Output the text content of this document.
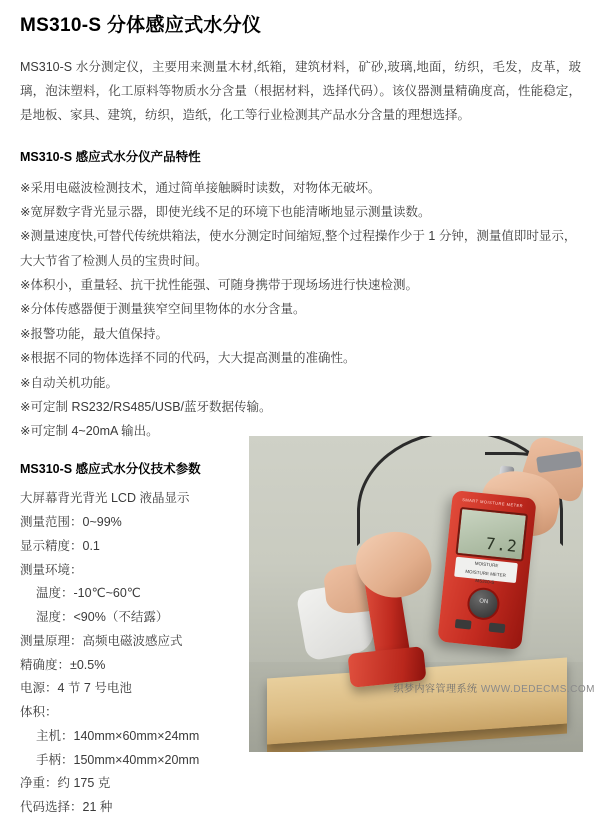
MS310-S 分体感应式水分仪

MS310-S 水分测定仪，主要用来测量木材,纸箱，建筑材料，矿砂,玻璃,地面，纺织，毛发，皮革，玻璃，泡沫塑料，化工原料等物质水分含量（根据材料，选择代码）。该仪器测量精确度高，性能稳定，是地板、家具、建筑，纺织，造纸，化工等行业检测其产品水分含量的理想选择。

MS310-S 感应式水分仪产品特性
※采用电磁波检测技术，通过简单接触瞬时读数，对物体无破坏。
※宽屏数字背光显示器，即使光线不足的环境下也能清晰地显示测量读数。
※测量速度快,可替代传统烘箱法，使水分测定时间缩短,整个过程操作少于 1 分钟，测量值即时显示，大大节省了检测人员的宝贵时间。
※体积小，重量轻、抗干扰性能强、可随身携带于现场场进行快速检测。
※分体传感器便于测量狭窄空间里物体的水分含量。
※报警功能，最大值保持。
※根据不同的物体选择不同的代码，大大提高测量的准确性。
※自动关机功能。
※可定制 RS232/RS485/USB/蓝牙数据传输。
※可定制 4~20mA 输出。
MS310-S 感应式水分仪技术参数
大屏幕背光背光 LCD 液晶显示
测量范围：0~99%
显示精度：0.1
测量环境：
温度：-10℃~60℃
湿度：<90%（不结露）
测量原理：高频电磁波感应式
精确度：±0.5%
电源：4 节 7 号电池
体积：
主机：140mm×60mm×24mm
手柄：150mm×40mm×20mm
净重：约 175 克
代码选择：21 种
SMART MOISTURE METER
7.2
MOISTURE
MOISTURE METER
MS310-S
ON
织梦内容管理系统 WWW.DEDECMS.COM
